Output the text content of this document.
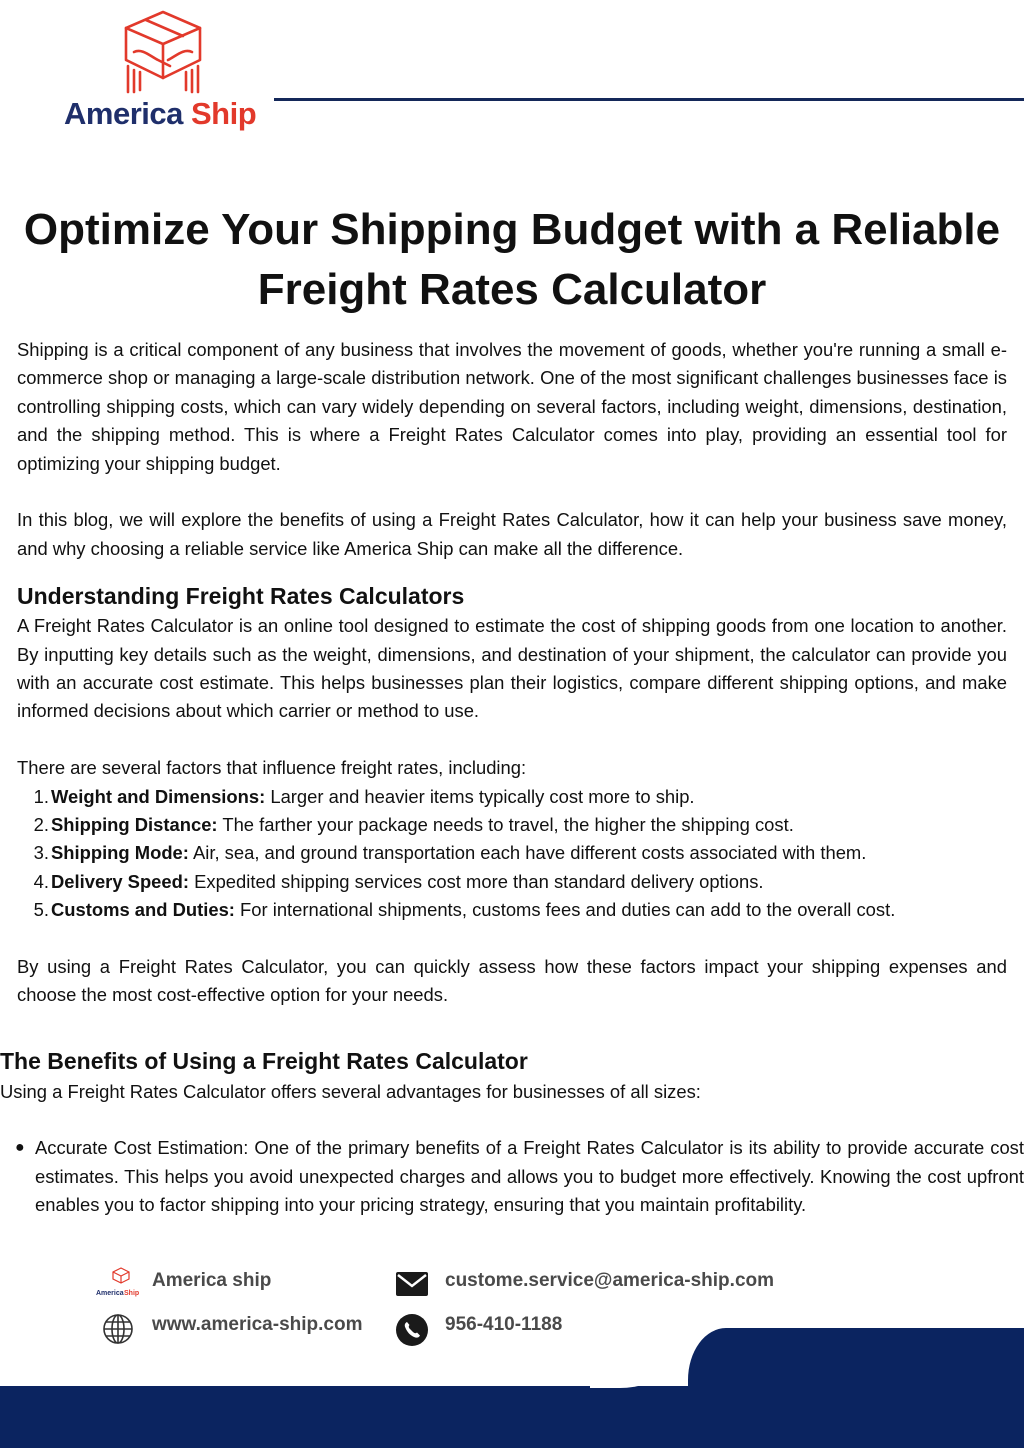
America Ship
Optimize Your Shipping Budget with a Reliable Freight Rates Calculator

Shipping is a critical component of any business that involves the movement of goods, whether you're running a small e-commerce shop or managing a large-scale distribution network. One of the most significant challenges businesses face is controlling shipping costs, which can vary widely depending on several factors, including weight, dimensions, destination, and the shipping method. This is where a Freight Rates Calculator comes into play, providing an essential tool for optimizing your shipping budget.

In this blog, we will explore the benefits of using a Freight Rates Calculator, how it can help your business save money, and why choosing a reliable service like America Ship can make all the difference.

Understanding Freight Rates Calculators

A Freight Rates Calculator is an online tool designed to estimate the cost of shipping goods from one location to another. By inputting key details such as the weight, dimensions, and destination of your shipment, the calculator can provide you with an accurate cost estimate. This helps businesses plan their logistics, compare different shipping options, and make informed decisions about which carrier or method to use.

There are several factors that influence freight rates, including:

1. Weight and Dimensions: Larger and heavier items typically cost more to ship.
2. Shipping Distance: The farther your package needs to travel, the higher the shipping cost.
3. Shipping Mode: Air, sea, and ground transportation each have different costs associated with them.
4. Delivery Speed: Expedited shipping services cost more than standard delivery options.
5. Customs and Duties: For international shipments, customs fees and duties can add to the overall cost.

By using a Freight Rates Calculator, you can quickly assess how these factors impact your shipping expenses and choose the most cost-effective option for your needs.

The Benefits of Using a Freight Rates Calculator

Using a Freight Rates Calculator offers several advantages for businesses of all sizes:

● Accurate Cost Estimation: One of the primary benefits of a Freight Rates Calculator is its ability to provide accurate cost estimates. This helps you avoid unexpected charges and allows you to budget more effectively. Knowing the cost upfront enables you to factor shipping into your pricing strategy, ensuring that you maintain profitability.
America Ship
America ship	custome.service@america-ship.com
www.america-ship.com	956-410-1188
